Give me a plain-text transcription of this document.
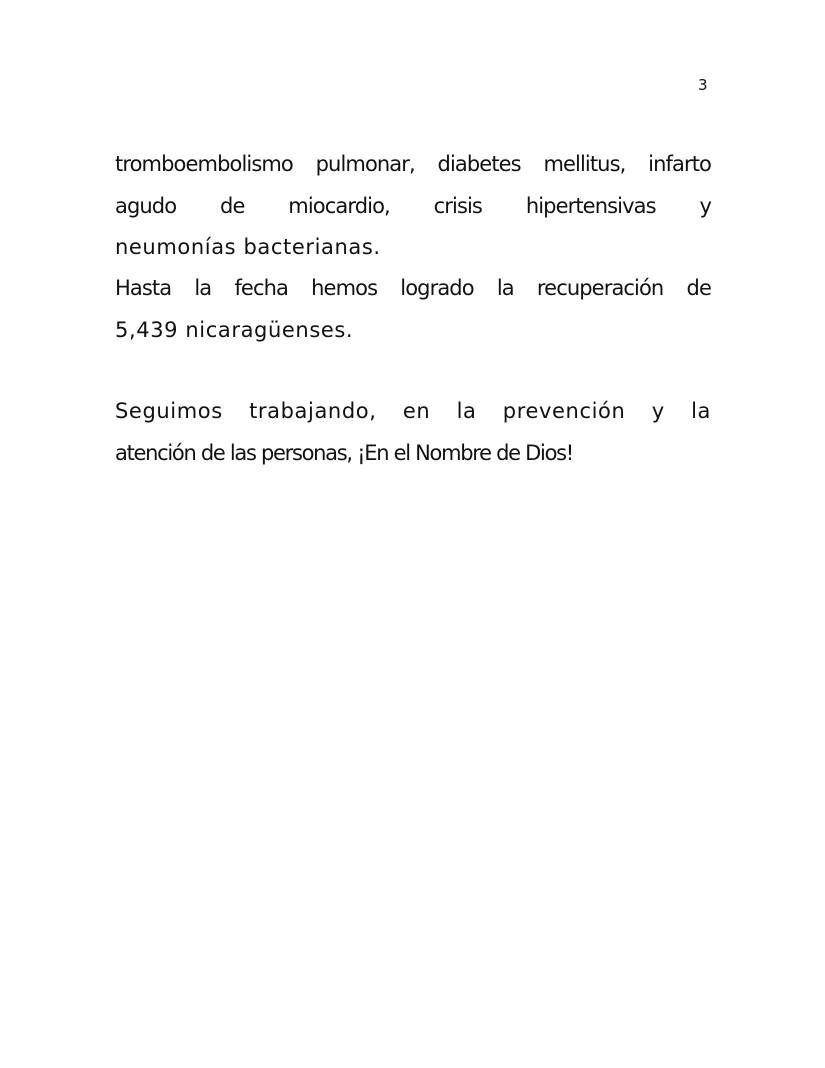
3
tromboembolismo pulmonar, diabetes mellitus, infarto
agudo de miocardio, crisis hipertensivas y
neumonías bacterianas.
Hasta la fecha hemos logrado la recuperación de
5,439 nicaragüenses.
Seguimos trabajando, en la prevención y la
atención de las personas, ¡En el Nombre de Dios!
